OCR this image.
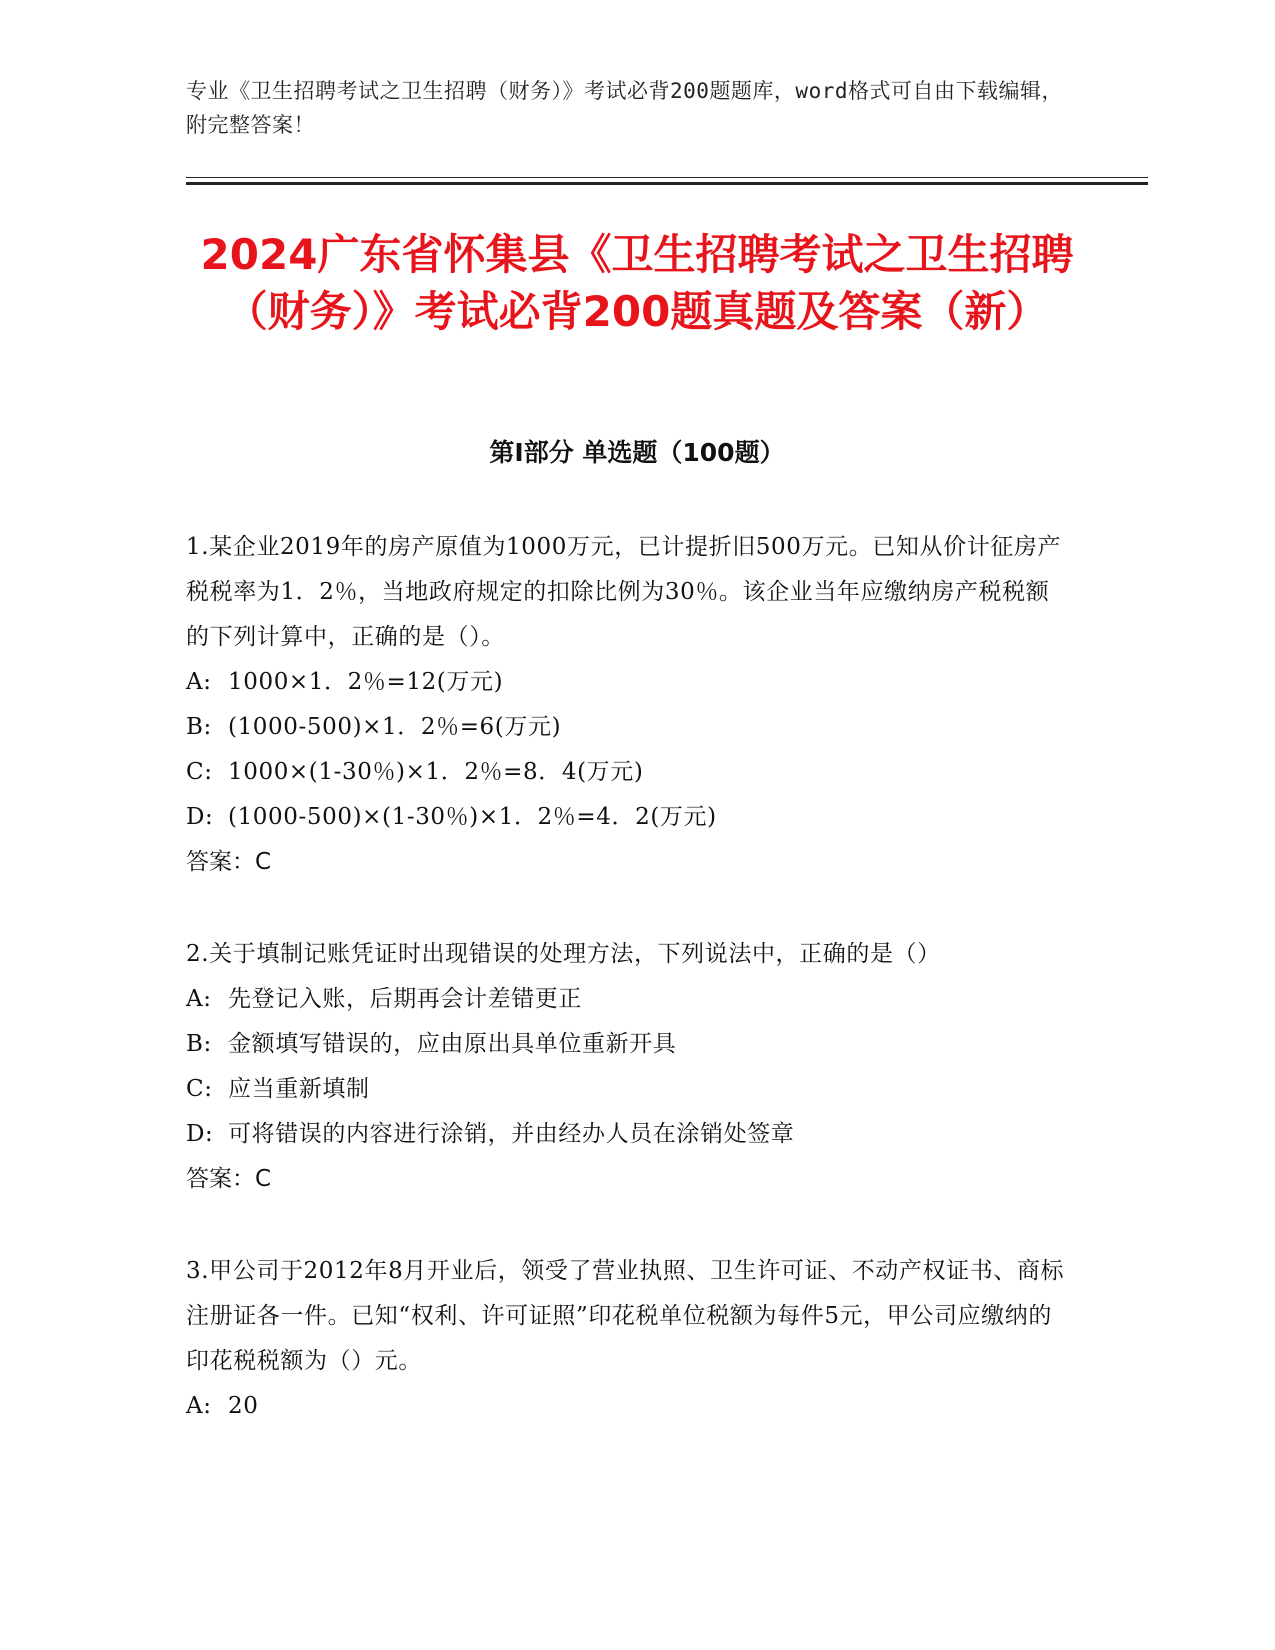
专业《卫生招聘考试之卫生招聘（财务）》考试必背200题题库，word格式可自由下载编辑，附完整答案！
2024广东省怀集县《卫生招聘考试之卫生招聘（财务）》考试必背200题真题及答案（新）
第I部分 单选题（100题）
1.某企业2019年的房产原值为1000万元，已计提折旧500万元。已知从价计征房产税税率为1．2％，当地政府规定的扣除比例为30％。该企业当年应缴纳房产税税额的下列计算中，正确的是（）。
A: 1000×1．2％=12(万元)
B: (1000-500)×1．2％=6(万元)
C: 1000×(1-30％)×1．2％=8．4(万元)
D: (1000-500)×(1-30％)×1．2％=4．2(万元)
答案：C
2.关于填制记账凭证时出现错误的处理方法，下列说法中，正确的是（）
A: 先登记入账，后期再会计差错更正
B: 金额填写错误的，应由原出具单位重新开具
C: 应当重新填制
D: 可将错误的内容进行涂销，并由经办人员在涂销处签章
答案：C
3.甲公司于2012年8月开业后，领受了营业执照、卫生许可证、不动产权证书、商标注册证各一件。已知“权利、许可证照”印花税单位税额为每件5元，甲公司应缴纳的印花税税额为（）元。
A: 20
